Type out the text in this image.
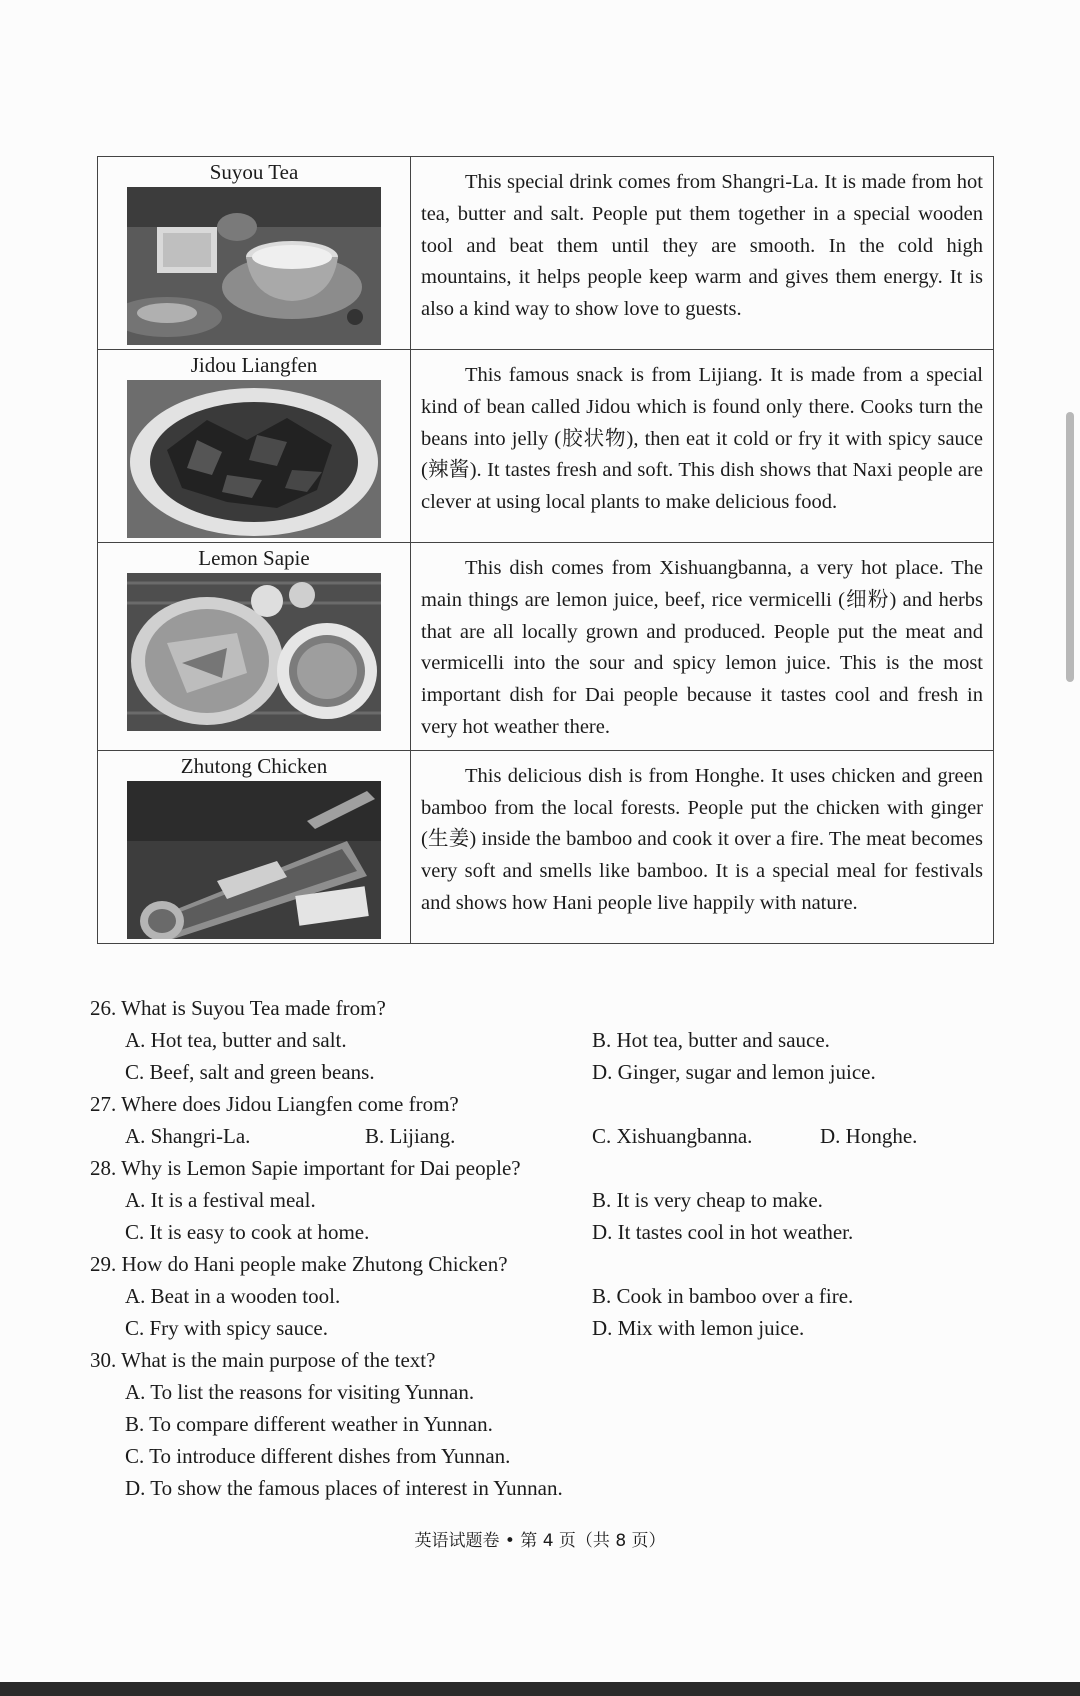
Suyou Tea	This special drink comes from Shangri-La. It is made from hot tea, butter and salt. People put them together in a special wooden tool and beat them until they are smooth. In the cold high mountains, it helps people keep warm and gives them energy. It is also a kind way to show love to guests.

Jidou Liangfen	This famous snack is from Lijiang. It is made from a special kind of bean called Jidou which is found only there. Cooks turn the beans into jelly (胶状物), then eat it cold or fry it with spicy sauce (辣酱). It tastes fresh and soft. This dish shows that Naxi people are clever at using local plants to make delicious food.

Lemon Sapie	This dish comes from Xishuangbanna, a very hot place. The main things are lemon juice, beef, rice vermicelli (细粉) and herbs that are all locally grown and produced. People put the meat and vermicelli into the sour and spicy lemon juice. This is the most important dish for Dai people because it tastes cool and fresh in very hot weather there.

Zhutong Chicken	This delicious dish is from Honghe. It uses chicken and green bamboo from the local forests. People put the chicken with ginger (生姜) inside the bamboo and cook it over a fire. The meat becomes very soft and smells like bamboo. It is a special meal for festivals and shows how Hani people live happily with nature.

26. What is Suyou Tea made from?
A. Hot tea, butter and salt.	B. Hot tea, butter and sauce.
C. Beef, salt and green beans.	D. Ginger, sugar and lemon juice.
27. Where does Jidou Liangfen come from?
A. Shangri-La.	B. Lijiang.	C. Xishuangbanna.	D. Honghe.
28. Why is Lemon Sapie important for Dai people?
A. It is a festival meal.	B. It is very cheap to make.
C. It is easy to cook at home.	D. It tastes cool in hot weather.
29. How do Hani people make Zhutong Chicken?
A. Beat in a wooden tool.	B. Cook in bamboo over a fire.
C. Fry with spicy sauce.	D. Mix with lemon juice.
30. What is the main purpose of the text?
A. To list the reasons for visiting Yunnan.
B. To compare different weather in Yunnan.
C. To introduce different dishes from Yunnan.
D. To show the famous places of interest in Yunnan.
英语试题卷 • 第 4 页（共 8 页）
